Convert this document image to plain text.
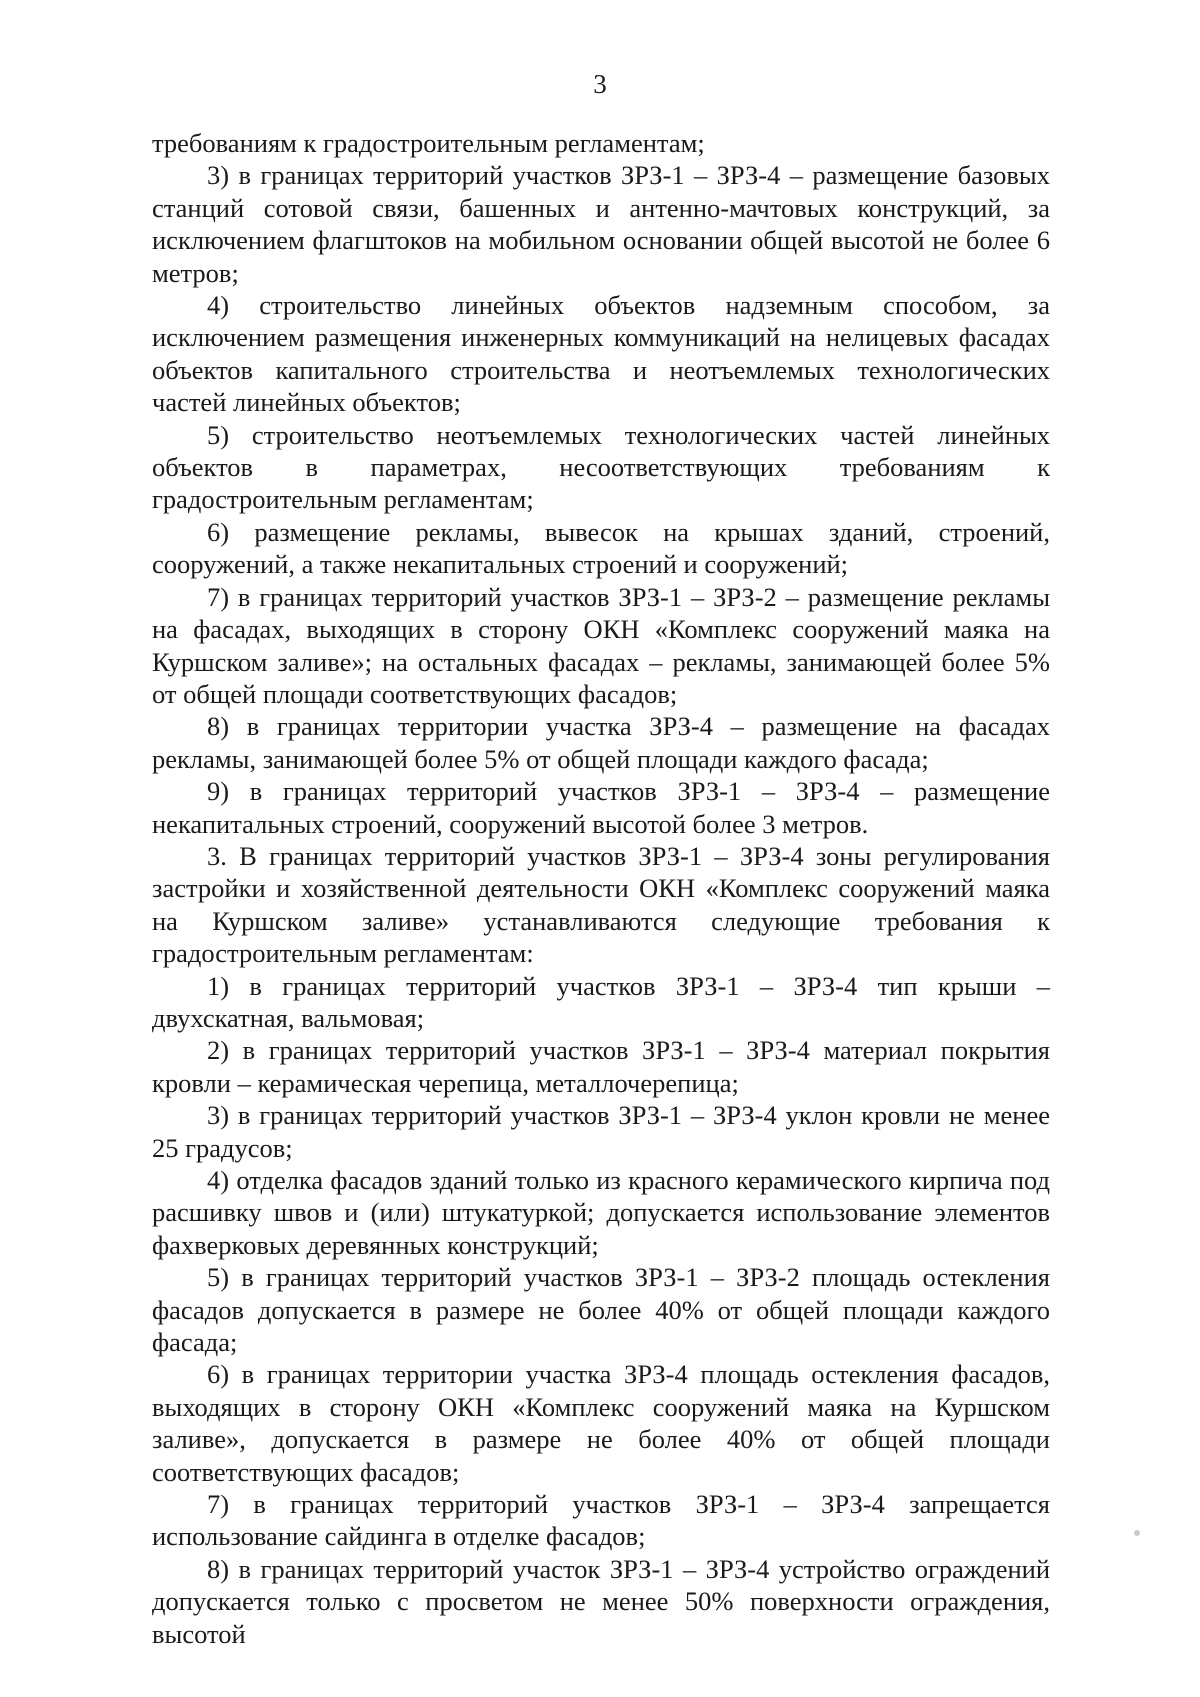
3

требованиям к градостроительным регламентам;

3) в границах территорий участков ЗРЗ-1 – ЗРЗ-4 – размещение базовых станций сотовой связи, башенных и антенно-мачтовых конструкций, за исключением флагштоков на мобильном основании общей высотой не более 6 метров;

4) строительство линейных объектов надземным способом, за исключением размещения инженерных коммуникаций на нелицевых фасадах объектов капитального строительства и неотъемлемых технологических частей линейных объектов;

5) строительство неотъемлемых технологических частей линейных объектов в параметрах, несоответствующих требованиям к градостроительным регламентам;

6) размещение рекламы, вывесок на крышах зданий, строений, сооружений, а также некапитальных строений и сооружений;

7) в границах территорий участков ЗРЗ-1 – ЗРЗ-2 – размещение рекламы на фасадах, выходящих в сторону ОКН «Комплекс сооружений маяка на Куршском заливе»; на остальных фасадах – рекламы, занимающей более 5% от общей площади соответствующих фасадов;

8) в границах территории участка ЗРЗ-4 – размещение на фасадах рекламы, занимающей более 5% от общей площади каждого фасада;

9) в границах территорий участков ЗРЗ-1 – ЗРЗ-4 – размещение некапитальных строений, сооружений высотой более 3 метров.

3. В границах территорий участков ЗРЗ-1 – ЗРЗ-4 зоны регулирования застройки и хозяйственной деятельности ОКН «Комплекс сооружений маяка на Куршском заливе» устанавливаются следующие требования к градостроительным регламентам:

1) в границах территорий участков ЗРЗ-1 – ЗРЗ-4 тип крыши – двухскатная, вальмовая;

2) в границах территорий участков ЗРЗ-1 – ЗРЗ-4 материал покрытия кровли – керамическая черепица, металлочерепица;

3) в границах территорий участков ЗРЗ-1 – ЗРЗ-4 уклон кровли не менее 25 градусов;

4) отделка фасадов зданий только из красного керамического кирпича под расшивку швов и (или) штукатуркой; допускается использование элементов фахверковых деревянных конструкций;

5) в границах территорий участков ЗРЗ-1 – ЗРЗ-2 площадь остекления фасадов допускается в размере не более 40% от общей площади каждого фасада;

6) в границах территории участка ЗРЗ-4 площадь остекления фасадов, выходящих в сторону ОКН «Комплекс сооружений маяка на Куршском заливе», допускается в размере не более 40% от общей площади соответствующих фасадов;

7) в границах территорий участков ЗРЗ-1 – ЗРЗ-4 запрещается использование сайдинга в отделке фасадов;

8) в границах территорий участок ЗРЗ-1 – ЗРЗ-4 устройство ограждений допускается только с просветом не менее 50% поверхности ограждения, высотой
